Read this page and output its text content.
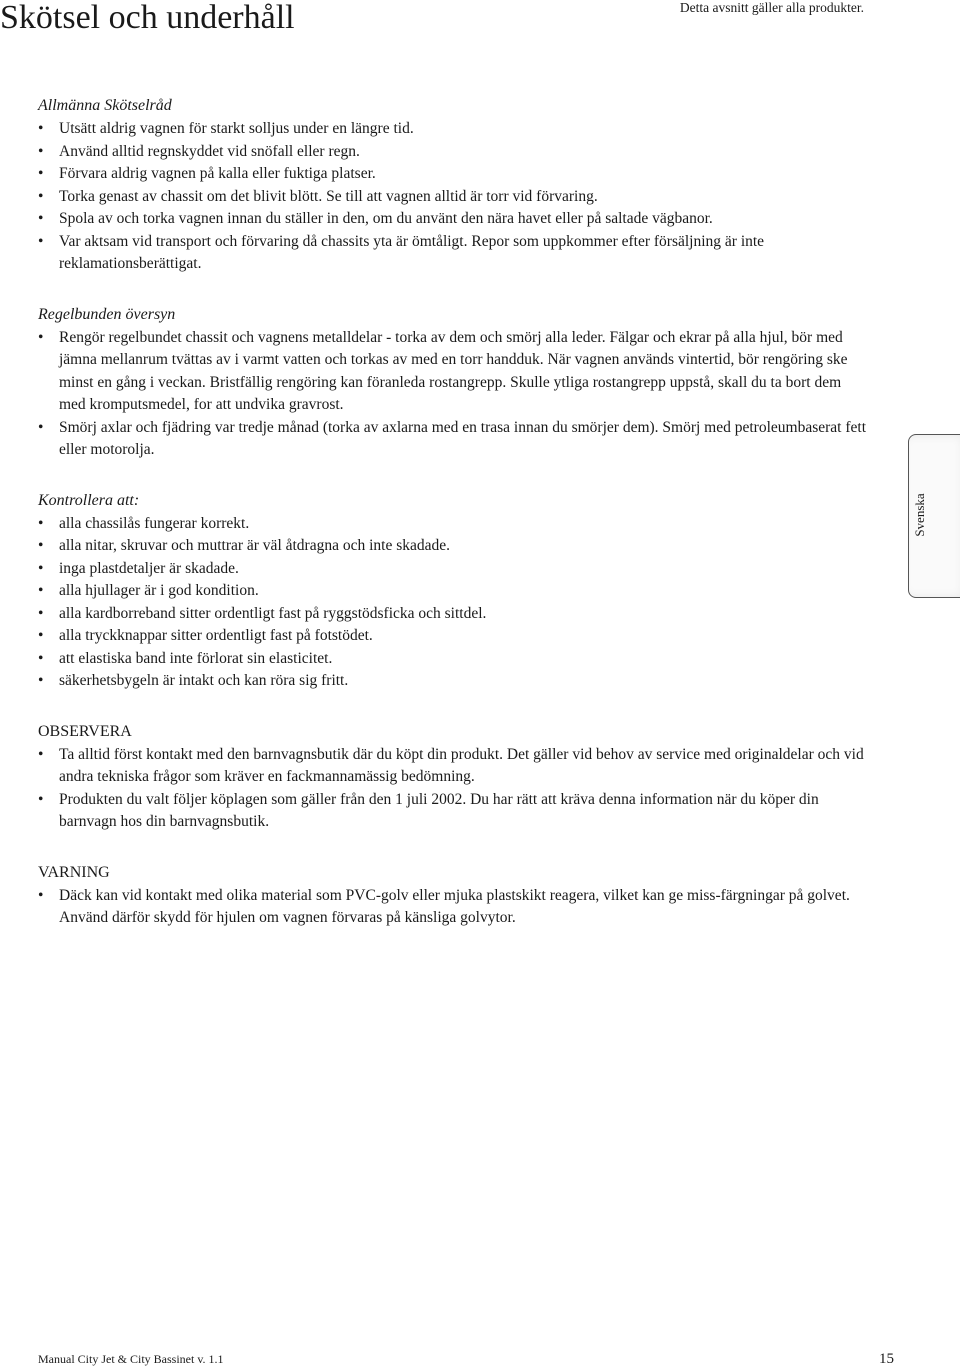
Skötsel och underhåll	Detta avsnitt gäller alla produkter.
Allmänna Skötselråd
• Utsätt aldrig vagnen för starkt solljus under en längre tid.
• Använd alltid regnskyddet vid snöfall eller regn.
• Förvara aldrig vagnen på kalla eller fuktiga platser.
• Torka genast av chassit om det blivit blött. Se till att vagnen alltid är torr vid förvaring.
• Spola av och torka vagnen innan du ställer in den, om du använt den nära havet eller på saltade vägbanor.
• Var aktsam vid transport och förvaring då chassits yta är ömtåligt. Repor som uppkommer efter försäljning är inte reklamationsberättigat.
Regelbunden översyn
• Rengör regelbundet chassit och vagnens metalldelar - torka av dem och smörj alla leder. Fälgar och ekrar på alla hjul, bör med jämna mellanrum tvättas av i varmt vatten och torkas av med en torr handduk. När vagnen används vintertid, bör rengöring ske minst en gång i veckan. Bristfällig rengöring kan föranleda rostangrepp. Skulle ytliga rostangrepp uppstå, skall du ta bort dem med kromputsmedel, for att undvika gravrost.
• Smörj axlar och fjädring var tredje månad (torka av axlarna med en trasa innan du smörjer dem). Smörj med petroleumbaserat fett eller motorolja.
Kontrollera att:
• alla chassilås fungerar korrekt.
• alla nitar, skruvar och muttrar är väl åtdragna och inte skadade.
• inga plastdetaljer är skadade.
• alla hjullager är i god kondition.
• alla kardborreband sitter ordentligt fast på ryggstödsficka och sittdel.
• alla tryckknappar sitter ordentligt fast på fotstödet.
• att elastiska band inte förlorat sin elasticitet.
• säkerhetsbygeln är intakt och kan röra sig fritt.
OBSERVERA
• Ta alltid först kontakt med den barnvagnsbutik där du köpt din produkt. Det gäller vid behov av service med originaldelar och vid andra tekniska frågor som kräver en fackmannamässig bedömning.
• Produkten du valt följer köplagen som gäller från den 1 juli 2002. Du har rätt att kräva denna information när du köper din barnvagn hos din barnvagnsbutik.
VARNING
• Däck kan vid kontakt med olika material som PVC-golv eller mjuka plastskikt reagera, vilket kan ge miss-färgningar på golvet. Använd därför skydd för hjulen om vagnen förvaras på känsliga golvytor.
Svenska
Manual City Jet & City Bassinet v. 1.1	15
